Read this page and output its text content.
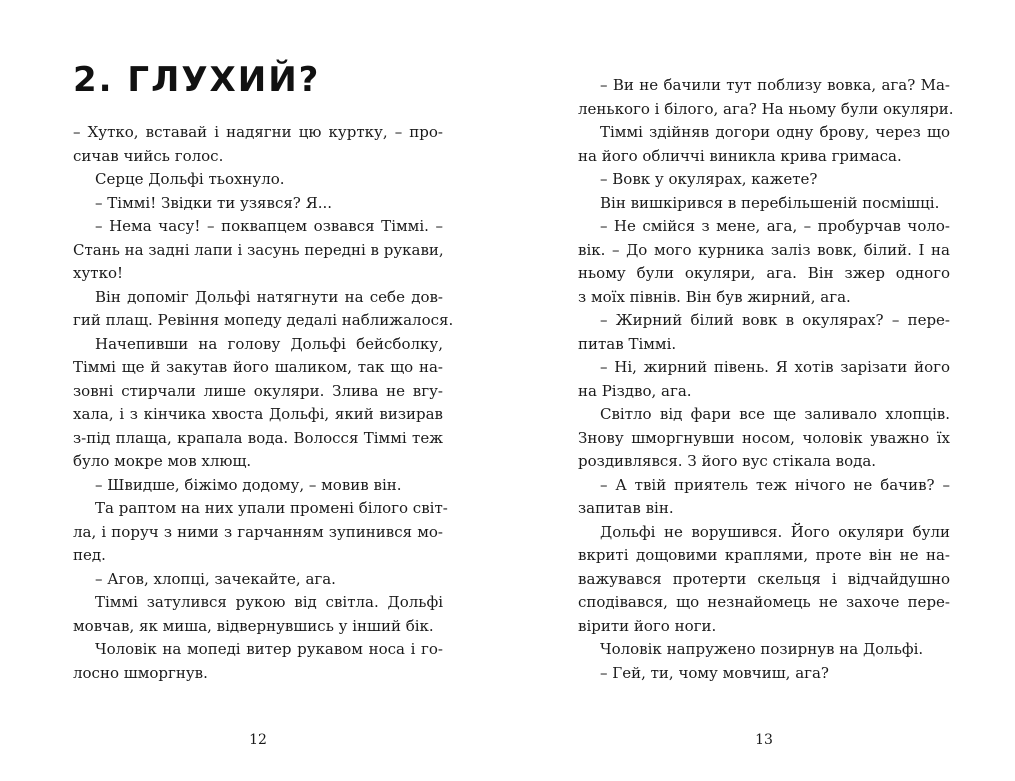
2. ГЛУХИЙ?

– Хутко, вставай і надягни цю куртку, – про-

сичав чийсь голос.

Серце Дольфі тьохнуло.

– Тіммі! Звідки ти узявся? Я...

– Нема часу! – поквапцем озвався Тіммі. –

Стань на задні лапи і засунь передні в рукави,

хутко!

Він допоміг Дольфі натягнути на себе дов-

гий плащ. Ревіння мопеду дедалі наближалося.

Начепивши на голову Дольфі бейсболку,

Тіммі ще й закутав його шаликом, так що на-

зовні стирчали лише окуляри. Злива не вгу-

хала, і з кінчика хвоста Дольфі, який визирав

з-під плаща, крапала вода. Волосся Тіммі теж

було мокре мов хлющ.

– Швидше, біжімо додому, – мовив він.

Та раптом на них упали промені білого світ-

ла, і поруч з ними з гарчанням зупинився мо-

пед.

– Агов, хлопці, зачекайте, ага.

Тіммі затулився рукою від світла. Дольфі

мовчав, як миша, відвернувшись у інший бік.

Чоловік на мопеді витер рукавом носа і го-

лосно шморгнув.

12

– Ви не бачили тут поблизу вовка, ага? Ма-

ленького і білого, ага? На ньому були окуляри.

Тіммі здійняв догори одну брову, через що

на його обличчі виникла крива гримаса.

– Вовк у окулярах, кажете?

Він вишкірився в перебільшеній посмішці.

– Не смійся з мене, ага, – пробурчав чоло-

вік. – До мого курника заліз вовк, білий. І на

ньому були окуляри, ага. Він зжер одного

з моїх півнів. Він був жирний, ага.

– Жирний білий вовк в окулярах? – пере-

питав Тіммі.

– Ні, жирний півень. Я хотів зарізати його

на Різдво, ага.

Світло від фари все ще заливало хлопців.

Знову шморгнувши носом, чоловік уважно їх

роздивлявся. З його вус стікала вода.

– А твій приятель теж нічого не бачив? –

запитав він.

Дольфі не ворушився. Його окуляри були

вкриті дощовими краплями, проте він не на-

важувався протерти скельця і відчайдушно

сподівався, що незнайомець не захоче пере-

вірити його ноги.

Чоловік напружено позирнув на Дольфі.

– Гей, ти, чому мовчиш, ага?

13
